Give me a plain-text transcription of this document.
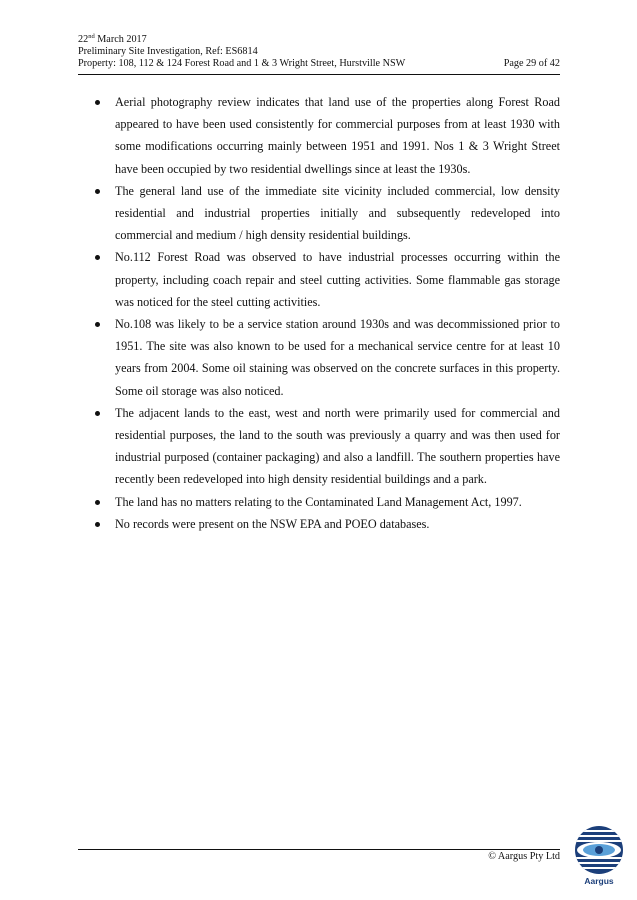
22nd March 2017
Preliminary Site Investigation, Ref: ES6814
Property: 108, 112 & 124 Forest Road and 1 & 3 Wright Street, Hurstville NSW	Page 29 of 42
Aerial photography review indicates that land use of the properties along Forest Road appeared to have been used consistently for commercial purposes from at least 1930 with some modifications occurring mainly between 1951 and 1991. Nos 1 & 3 Wright Street have been occupied by two residential dwellings since at least the 1930s.
The general land use of the immediate site vicinity included commercial, low density residential and industrial properties initially and subsequently redeveloped into commercial and medium / high density residential buildings.
No.112 Forest Road was observed to have industrial processes occurring within the property, including coach repair and steel cutting activities. Some flammable gas storage was noticed for the steel cutting activities.
No.108 was likely to be a service station around 1930s and was decommissioned prior to 1951. The site was also known to be used for a mechanical service centre for at least 10 years from 2004. Some oil staining was observed on the concrete surfaces in this property. Some oil storage was also noticed.
The adjacent lands to the east, west and north were primarily used for commercial and residential purposes, the land to the south was previously a quarry and was then used for industrial purposed (container packaging) and also a landfill. The southern properties have recently been redeveloped into high density residential buildings and a park.
The land has no matters relating to the Contaminated Land Management Act, 1997.
No records were present on the NSW EPA and POEO databases.
© Aargus Pty Ltd
Aargus
